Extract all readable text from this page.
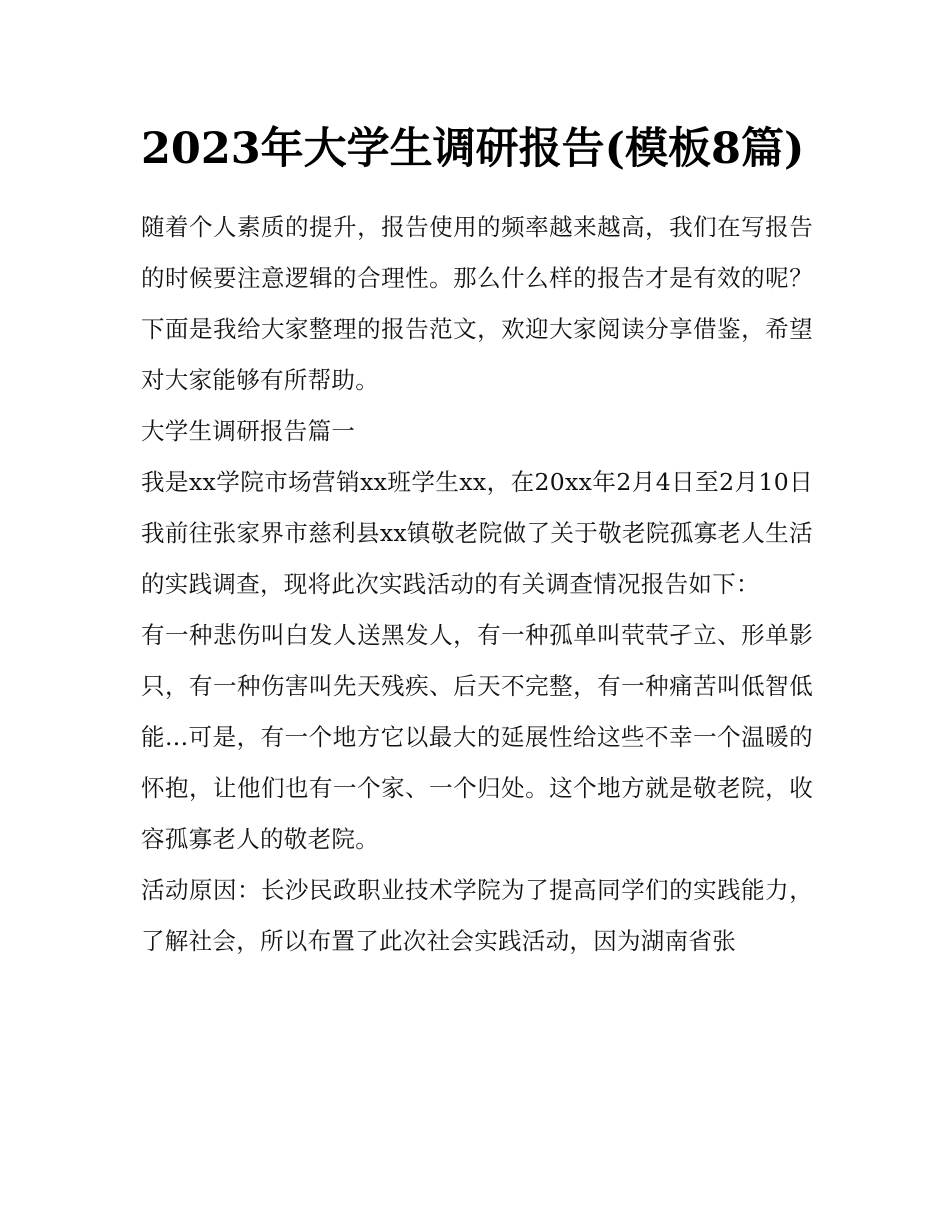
2023年大学生调研报告(模板8篇)

随着个人素质的提升，报告使用的频率越来越高，我们在写报告的时候要注意逻辑的合理性。那么什么样的报告才是有效的呢？下面是我给大家整理的报告范文，欢迎大家阅读分享借鉴，希望对大家能够有所帮助。

大学生调研报告篇一

我是xx学院市场营销xx班学生xx，在20xx年2月4日至2月10日我前往张家界市慈利县xx镇敬老院做了关于敬老院孤寡老人生活的实践调查，现将此次实践活动的有关调查情况报告如下：

有一种悲伤叫白发人送黑发人，有一种孤单叫茕茕孑立、形单影只，有一种伤害叫先天残疾、后天不完整，有一种痛苦叫低智低能...可是，有一个地方它以最大的延展性给这些不幸一个温暖的怀抱，让他们也有一个家、一个归处。这个地方就是敬老院，收容孤寡老人的敬老院。

活动原因：长沙民政职业技术学院为了提高同学们的实践能力，了解社会，所以布置了此次社会实践活动，因为湖南省张
